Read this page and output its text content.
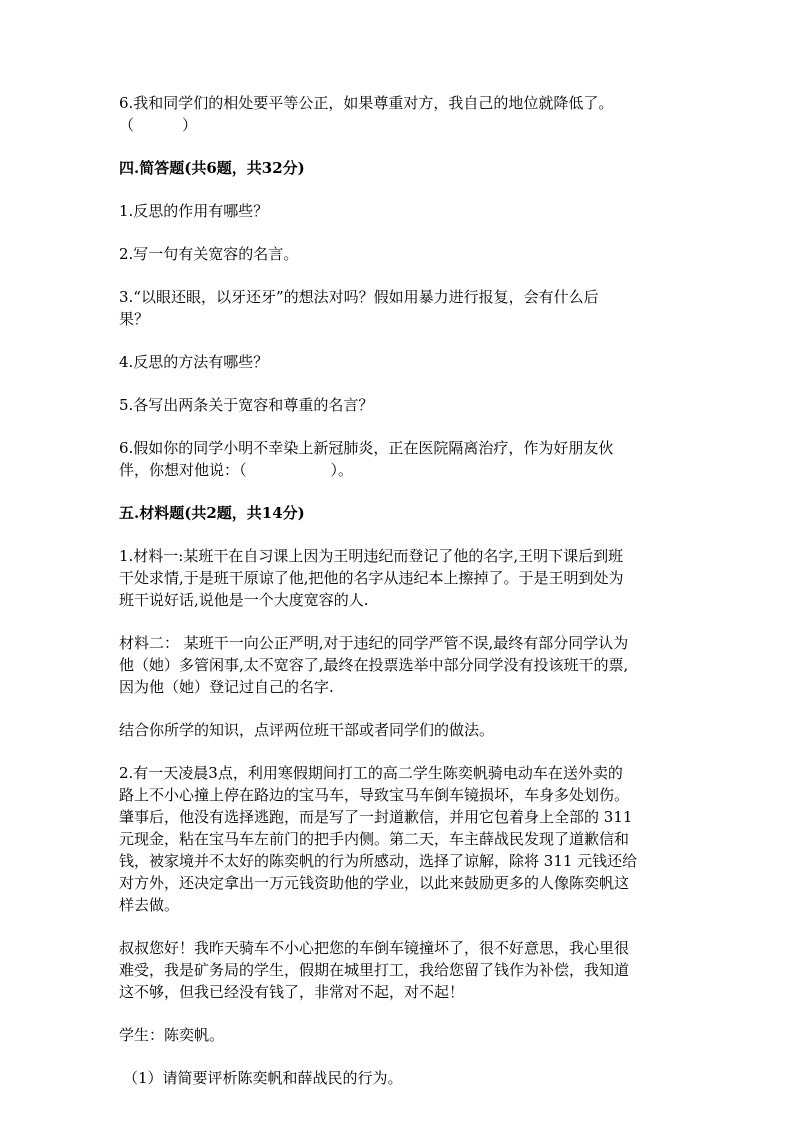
6.我和同学们的相处要平等公正，如果尊重对方，我自己的地位就降低了。

（	）

四.简答题(共6题，共32分)

1.反思的作用有哪些？

2.写一句有关宽容的名言。

3.“以眼还眼，以牙还牙”的想法对吗？假如用暴力进行报复，会有什么后

果？

4.反思的方法有哪些？

5.各写出两条关于宽容和尊重的名言？

6.假如你的同学小明不幸染上新冠肺炎，正在医院隔离治疗，作为好朋友伙

伴，你想对他说：（	）。

五.材料题(共2题，共14分)

1.材料一:某班干在自习课上因为王明违纪而登记了他的名字,王明下课后到班

干处求情,于是班干原谅了他,把他的名字从违纪本上擦掉了。于是王明到处为

班干说好话,说他是一个大度宽容的人.

材料二： 某班干一向公正严明,对于违纪的同学严管不误,最终有部分同学认为

他（她）多管闲事,太不宽容了,最终在投票选举中部分同学没有投该班干的票,

因为他（她）登记过自己的名字.

结合你所学的知识，点评两位班干部或者同学们的做法。

2.有一天凌晨3点，利用寒假期间打工的高二学生陈奕帆骑电动车在送外卖的

路上不小心撞上停在路边的宝马车，导致宝马车倒车镜损坏，车身多处划伤。

肇事后，他没有选择逃跑，而是写了一封道歉信，并用它包着身上全部的 311

元现金，粘在宝马车左前门的把手内侧。第二天，车主薛战民发现了道歉信和

钱，被家境并不太好的陈奕帆的行为所感动，选择了谅解，除将 311 元钱还给

对方外，还决定拿出一万元钱资助他的学业，以此来鼓励更多的人像陈奕帆这

样去做。

叔叔您好！我昨天骑车不小心把您的车倒车镜撞坏了，很不好意思，我心里很

难受，我是矿务局的学生，假期在城里打工，我给您留了钱作为补偿，我知道

这不够，但我已经没有钱了，非常对不起，对不起！

学生：陈奕帆。

（1）请简要评析陈奕帆和薛战民的行为。
